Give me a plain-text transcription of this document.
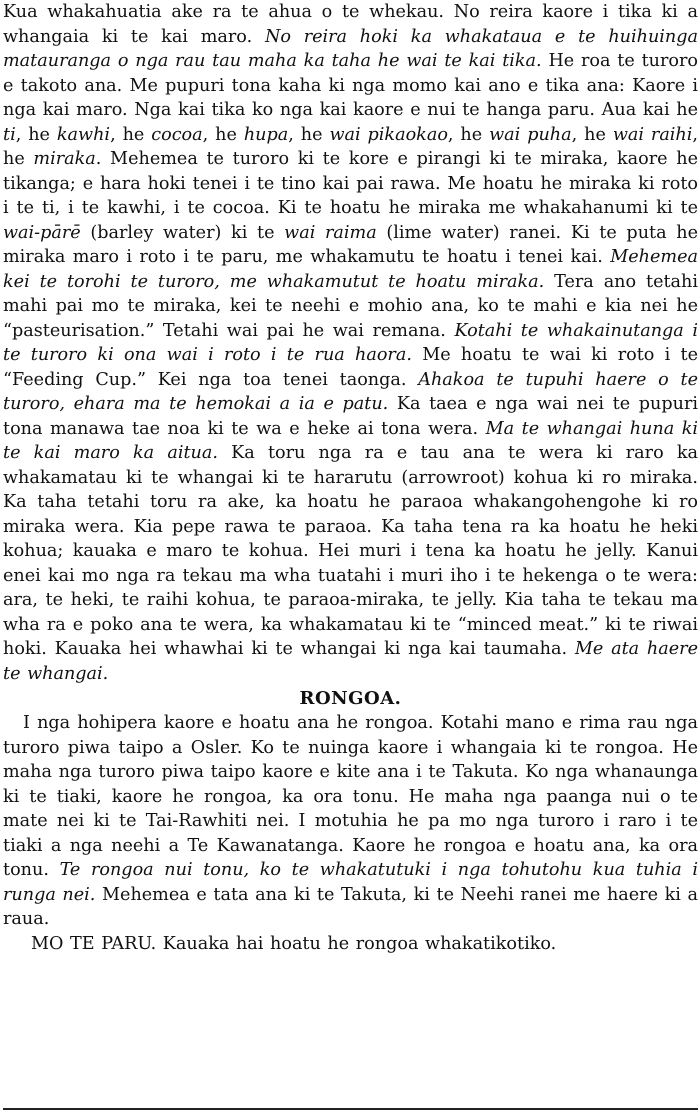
Kua whakahuatia ake ra te ahua o te whekau. No reira kaore i tika ki a whangaia ki te kai maro. No reira hoki ka whakataua e te huihuinga matauranga o nga rau tau maha ka taha he wai te kai tika. He roa te turoro e takoto ana. Me pupuri tona kaha ki nga momo kai ano e tika ana: Kaore i nga kai maro. Nga kai tika ko nga kai kaore e nui te hanga paru. Aua kai he ti, he kawhi, he cocoa, he hupa, he wai pikaokao, he wai puha, he wai raihi, he miraka. Mehemea te turoro ki te kore e pirangi ki te miraka, kaore he tikanga; e hara hoki tenei i te tino kai pai rawa. Me hoatu he miraka ki roto i te ti, i te kawhi, i te cocoa. Ki te hoatu he miraka me whakahanumi ki te wai-pārē (barley water) ki te wai raima (lime water) ranei. Ki te puta he miraka maro i roto i te paru, me whakamutu te hoatu i tenei kai. Mehemea kei te torohi te turoro, me whakamutut te hoatu miraka. Tera ano tetahi mahi pai mo te miraka, kei te neehi e mohio ana, ko te mahi e kia nei he “pasteurisation.” Tetahi wai pai he wai remana. Kotahi te whakainutanga i te turoro ki ona wai i roto i te rua haora. Me hoatu te wai ki roto i te “Feeding Cup.” Kei nga toa tenei taonga. Ahakoa te tupuhi haere o te turoro, ehara ma te hemokai a ia e patu. Ka taea e nga wai nei te pupuri tona manawa tae noa ki te wa e heke ai tona wera. Ma te whangai huna ki te kai maro ka aitua. Ka toru nga ra e tau ana te wera ki raro ka whakamatau ki te whangai ki te hararutu (arrowroot) kohua ki ro miraka. Ka taha tetahi toru ra ake, ka hoatu he paraoa whakangohengohe ki ro miraka wera. Kia pepe rawa te paraoa. Ka taha tena ra ka hoatu he heki kohua; kauaka e maro te kohua. Hei muri i tena ka hoatu he jelly. Kanui enei kai mo nga ra tekau ma wha tuatahi i muri iho i te hekenga o te wera: ara, te heki, te raihi kohua, te paraoa-miraka, te jelly. Kia taha te tekau ma wha ra e poko ana te wera, ka whakamatau ki te “minced meat.” ki te riwai hoki. Kauaka hei whawhai ki te whangai ki nga kai taumaha. Me ata haere te whangai.

RONGOA.

I nga hohipera kaore e hoatu ana he rongoa. Kotahi mano e rima rau nga turoro piwa taipo a Osler. Ko te nuinga kaore i whangaia ki te rongoa. He maha nga turoro piwa taipo kaore e kite ana i te Takuta. Ko nga whanaunga ki te tiaki, kaore he rongoa, ka ora tonu. He maha nga paanga nui o te mate nei ki te Tai-Rawhiti nei. I motuhia he pa mo nga turoro i raro i te tiaki a nga neehi a Te Kawanatanga. Kaore he rongoa e hoatu ana, ka ora tonu. Te rongoa nui tonu, ko te whakatutuki i nga tohutohu kua tuhia i runga nei. Mehemea e tata ana ki te Takuta, ki te Neehi ranei me haere ki a raua.

MO TE PARU. Kauaka hai hoatu he rongoa whakatikotiko.
